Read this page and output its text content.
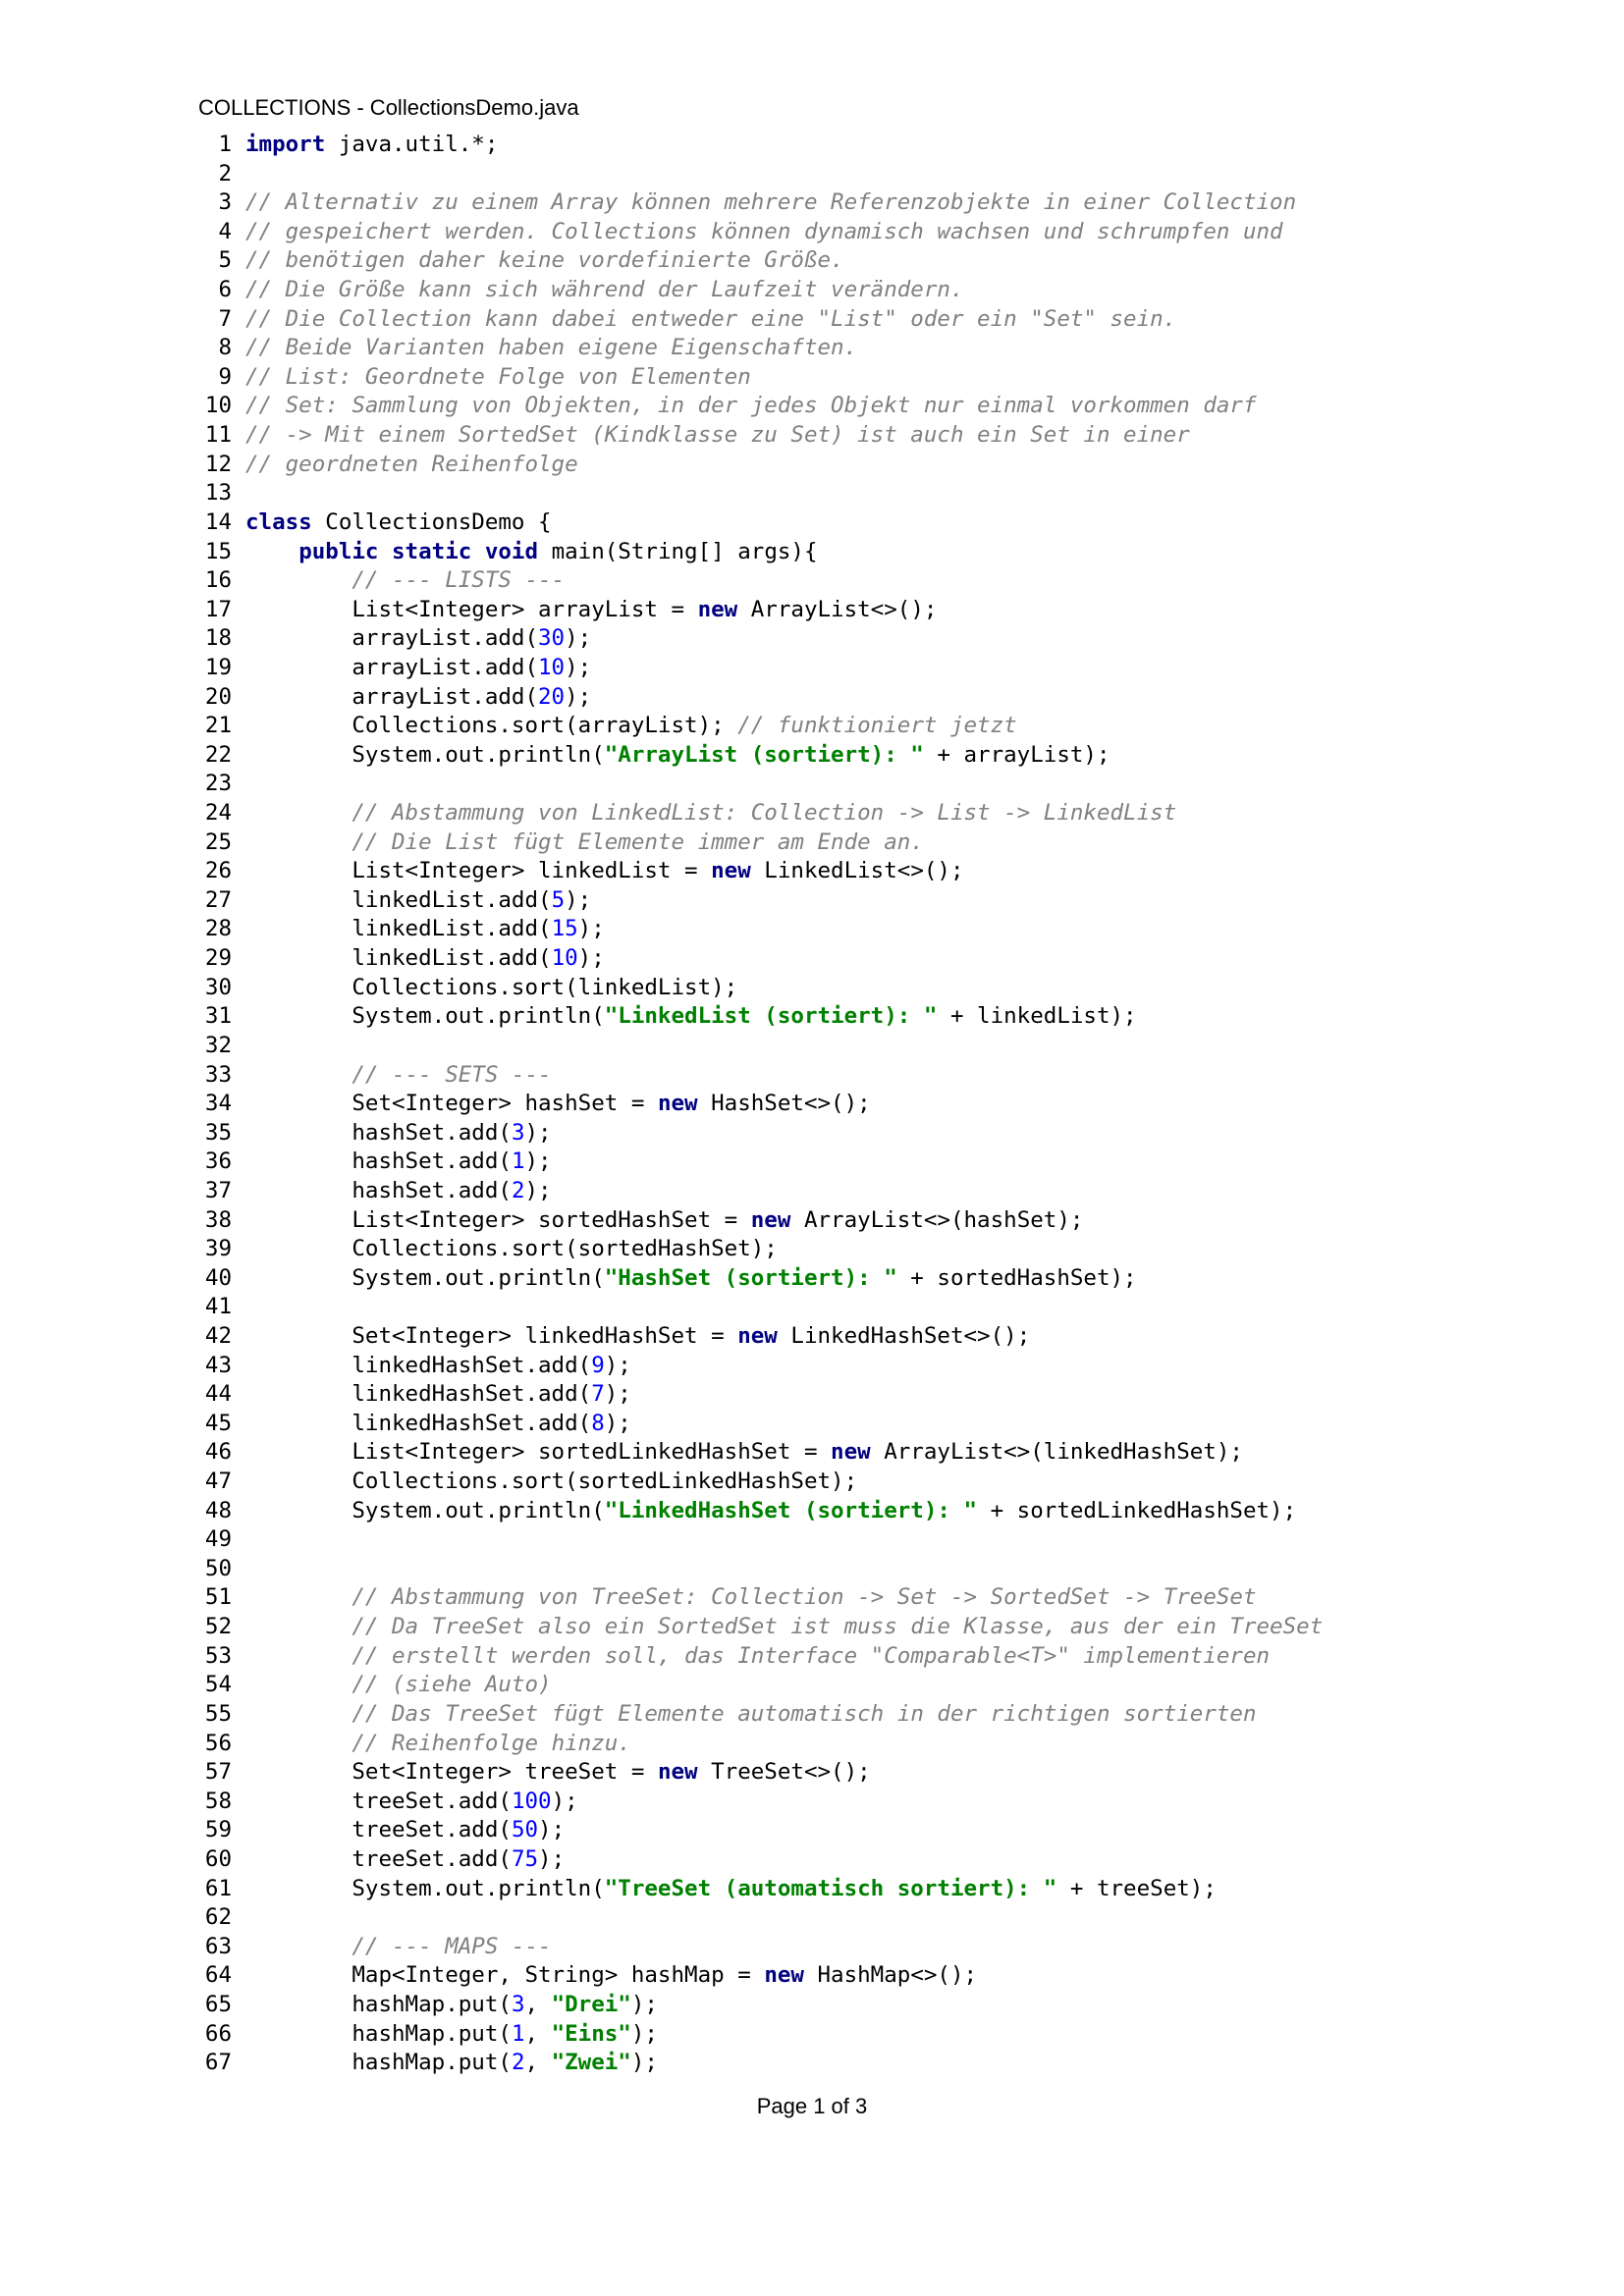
COLLECTIONS - CollectionsDemo.java
1 import java.util.*;
2
3 // Alternativ zu einem Array können mehrere Referenzobjekte in einer Collection
4 // gespeichert werden. Collections können dynamisch wachsen und schrumpfen und
5 // benötigen daher keine vordefinierte Größe.
6 // Die Größe kann sich während der Laufzeit verändern.
7 // Die Collection kann dabei entweder eine "List" oder ein "Set" sein.
8 // Beide Varianten haben eigene Eigenschaften.
9 // List: Geordnete Folge von Elementen
10 // Set: Sammlung von Objekten, in der jedes Objekt nur einmal vorkommen darf
11 // -> Mit einem SortedSet (Kindklasse zu Set) ist auch ein Set in einer
12 // geordneten Reihenfolge
13
14 class CollectionsDemo {
15	public static void main(String[] args){
16	// --- LISTS ---
17 List<Integer> arrayList = new ArrayList<>();
18 arrayList.add(30);
19 arrayList.add(10);
20 arrayList.add(20);
21 Collections.sort(arrayList); // funktioniert jetzt
22 System.out.println("ArrayList (sortiert): " + arrayList);
23
24	// Abstammung von LinkedList: Collection -> List -> LinkedList
25	// Die List fügt Elemente immer am Ende an.
26 List<Integer> linkedList = new LinkedList<>();
27 linkedList.add(5);
28 linkedList.add(15);
29 linkedList.add(10);
30 Collections.sort(linkedList);
31 System.out.println("LinkedList (sortiert): " + linkedList);
32
33	// --- SETS ---
34 Set<Integer> hashSet = new HashSet<>();
35 hashSet.add(3);
36 hashSet.add(1);
37 hashSet.add(2);
38 List<Integer> sortedHashSet = new ArrayList<>(hashSet);
39 Collections.sort(sortedHashSet);
40 System.out.println("HashSet (sortiert): " + sortedHashSet);
41
42 Set<Integer> linkedHashSet = new LinkedHashSet<>();
43 linkedHashSet.add(9);
44 linkedHashSet.add(7);
45 linkedHashSet.add(8);
46 List<Integer> sortedLinkedHashSet = new ArrayList<>(linkedHashSet);
47 Collections.sort(sortedLinkedHashSet);
48 System.out.println("LinkedHashSet (sortiert): " + sortedLinkedHashSet);
49
50
51	// Abstammung von TreeSet: Collection -> Set -> SortedSet -> TreeSet
52	// Da TreeSet also ein SortedSet ist muss die Klasse, aus der ein TreeSet
53	// erstellt werden soll, das Interface "Comparable<T>" implementieren
54	// (siehe Auto)
55	// Das TreeSet fügt Elemente automatisch in der richtigen sortierten
56	// Reihenfolge hinzu.
57 Set<Integer> treeSet = new TreeSet<>();
58 treeSet.add(100);
59 treeSet.add(50);
60 treeSet.add(75);
61 System.out.println("TreeSet (automatisch sortiert): " + treeSet);
62
63	// --- MAPS ---
64 Map<Integer, String> hashMap = new HashMap<>();
65 hashMap.put(3, "Drei");
66 hashMap.put(1, "Eins");
67 hashMap.put(2, "Zwei");
Page 1 of 3
